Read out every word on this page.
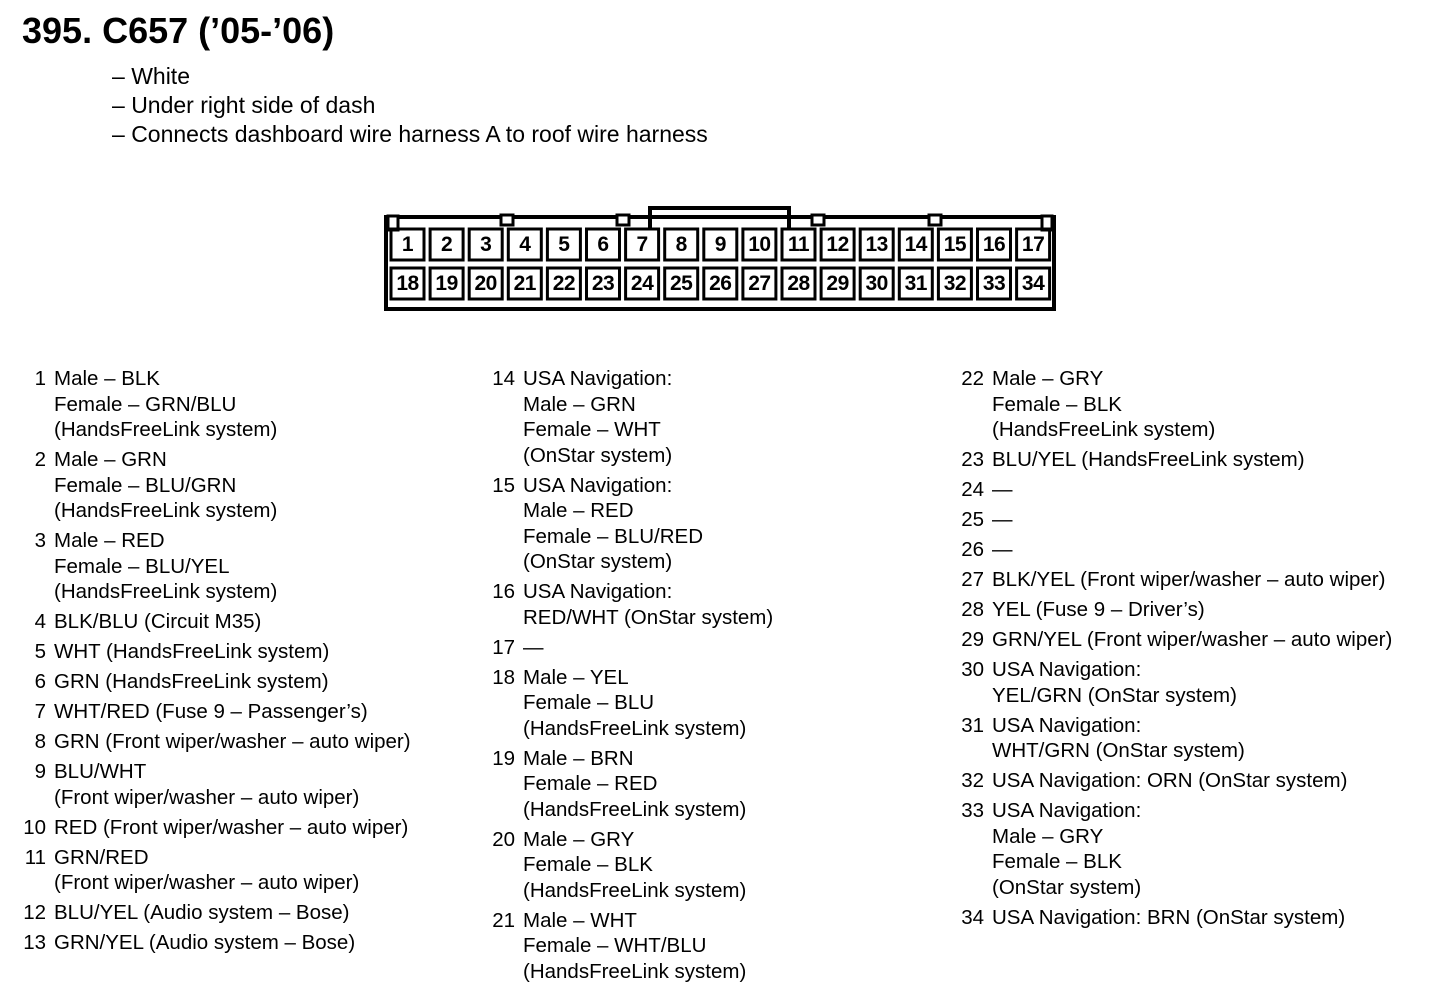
395. C657 (’05-’06)
– White
– Under right side of dash
– Connects dashboard wire harness A to roof wire harness
1	2	3	4	5	6	7	8	9	10 11 12 13 14 15 16 17
18 19 20 21 22 23 24 25 26 27 28 29 30 31 32 33 34
1 Male – BLK
Female – GRN/BLU
(HandsFreeLink system)
2 Male – GRN
Female – BLU/GRN
(HandsFreeLink system)
3 Male – RED
Female – BLU/YEL
(HandsFreeLink system)
4 BLK/BLU (Circuit M35)
5 WHT (HandsFreeLink system)
6 GRN (HandsFreeLink system)
7 WHT/RED (Fuse 9 – Passenger’s)
8 GRN (Front wiper/washer – auto wiper)
9 BLU/WHT
(Front wiper/washer – auto wiper)
10 RED (Front wiper/washer – auto wiper)
11 GRN/RED
(Front wiper/washer – auto wiper)
12 BLU/YEL (Audio system – Bose)
13 GRN/YEL (Audio system – Bose)
14 USA Navigation:
Male – GRN
Female – WHT
(OnStar system)
15 USA Navigation:
Male – RED
Female – BLU/RED
(OnStar system)
16 USA Navigation:
RED/WHT (OnStar system)
17 —
18 Male – YEL
Female – BLU
(HandsFreeLink system)
19 Male – BRN
Female – RED
(HandsFreeLink system)
20 Male – GRY
Female – BLK
(HandsFreeLink system)
21 Male – WHT
Female – WHT/BLU
(HandsFreeLink system)
22 Male – GRY
Female – BLK
(HandsFreeLink system)
23 BLU/YEL (HandsFreeLink system)
24 —
25 —
26 —
27 BLK/YEL (Front wiper/washer – auto wiper)
28 YEL (Fuse 9 – Driver’s)
29 GRN/YEL (Front wiper/washer – auto wiper)
30 USA Navigation:
YEL/GRN (OnStar system)
31 USA Navigation:
WHT/GRN (OnStar system)
32 USA Navigation: ORN (OnStar system)
33 USA Navigation:
Male – GRY
Female – BLK
(OnStar system)
34 USA Navigation: BRN (OnStar system)
